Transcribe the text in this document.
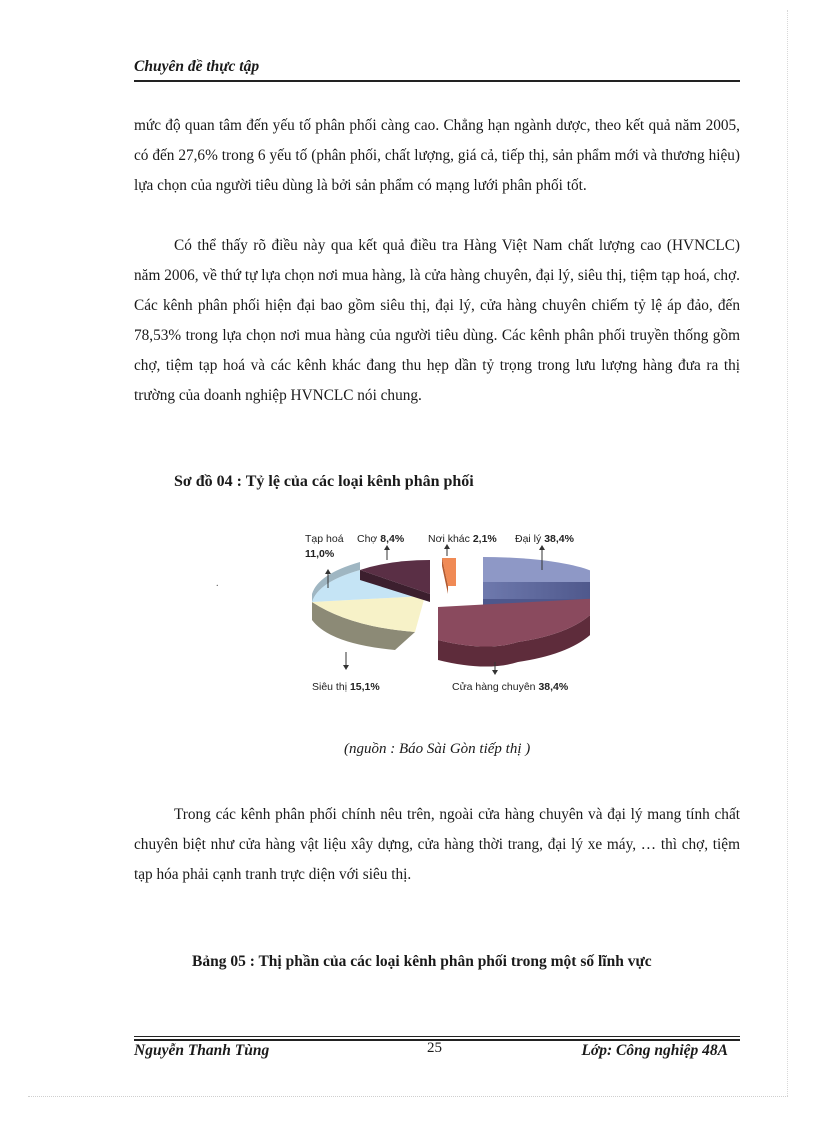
Chuyên đề thực tập

mức độ quan tâm đến yếu tố phân phối càng cao. Chẳng hạn ngành dược, theo kết quả năm 2005, có đến 27,6% trong 6 yếu tố (phân phối, chất lượng, giá cả, tiếp thị, sản phẩm mới và thương hiệu) lựa chọn của người tiêu dùng là bởi sản phẩm có mạng lưới phân phối tốt.

Có thể thấy rõ điều này qua kết quả điều tra Hàng Việt Nam chất lượng cao (HVNCLC) năm 2006, về thứ tự lựa chọn nơi mua hàng, là cửa hàng chuyên, đại lý, siêu thị, tiệm tạp hoá, chợ. Các kênh phân phối hiện đại bao gồm siêu thị, đại lý, cửa hàng chuyên chiếm tỷ lệ áp đảo, đến 78,53% trong lựa chọn nơi mua hàng của người tiêu dùng. Các kênh phân phối truyền thống gồm chợ, tiệm tạp hoá và các kênh khác đang thu hẹp dần tỷ trọng trong lưu lượng hàng đưa ra thị trường của doanh nghiệp HVNCLC nói chung.

Sơ đồ 04 : Tỷ lệ của các loại kênh phân phối
.
Tạp hoá
11,0%
Chợ 8,4% Nơi khác 2,1% Đại lý 38,4%
Siêu thị 15,1%	Cửa hàng chuyên 38,4%
(nguồn : Báo Sài Gòn tiếp thị )

Trong các kênh phân phối chính nêu trên, ngoài cửa hàng chuyên và đại lý mang tính chất chuyên biệt như cửa hàng vật liệu xây dựng, cửa hàng thời trang, đại lý xe máy, … thì chợ, tiệm tạp hóa phải cạnh tranh trực diện với siêu thị.

Bảng 05 : Thị phần của các loại kênh phân phối trong một số lĩnh vực
Nguyễn Thanh Tùng	25	Lớp: Công nghiệp 48A
